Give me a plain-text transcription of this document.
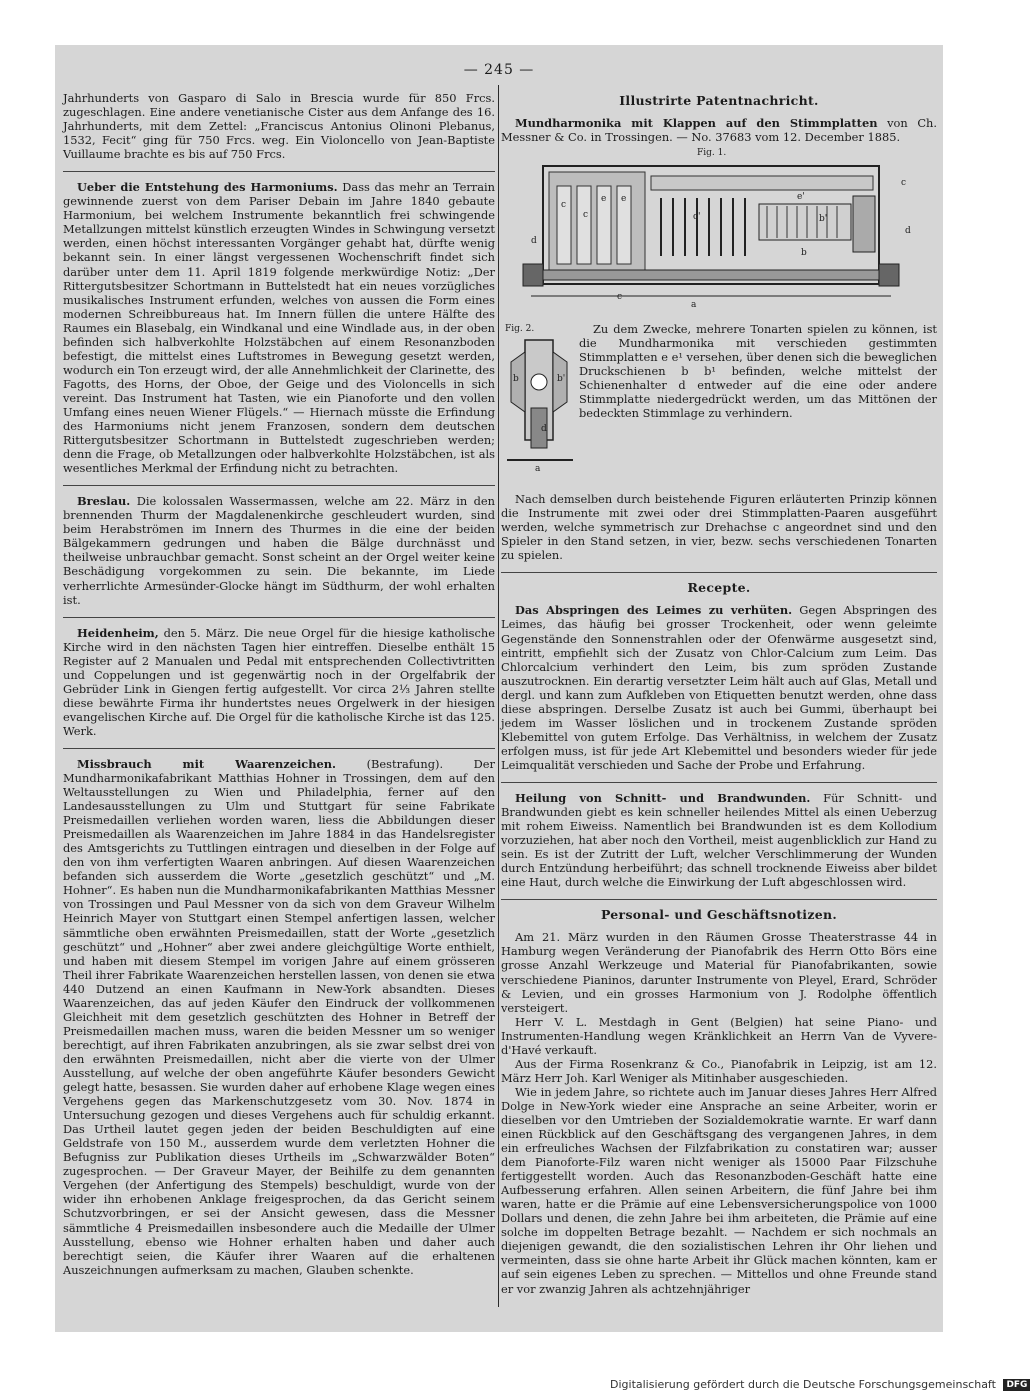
— 245 —

Jahrhunderts von Gasparo di Salo in Brescia wurde für 850 Frcs. zugeschlagen. Eine andere venetianische Cister aus dem Anfange des 16. Jahrhunderts, mit dem Zettel: „Franciscus Antonius Olinoni Plebanus, 1532, Fecit“ ging für 750 Frcs. weg. Ein Violoncello von Jean-Baptiste Vuillaume brachte es bis auf 750 Frcs.

Ueber die Entstehung des Harmoniums. Dass das mehr an Terrain gewinnende zuerst von dem Pariser Debain im Jahre 1840 gebaute Harmonium, bei welchem Instrumente bekanntlich frei schwingende Metallzungen mittelst künstlich erzeugten Windes in Schwingung versetzt werden, einen höchst interessanten Vorgänger gehabt hat, dürfte wenig bekannt sein. In einer längst vergessenen Wochenschrift findet sich darüber unter dem 11. April 1819 folgende merkwürdige Notiz: „Der Rittergutsbesitzer Schortmann in Buttelstedt hat ein neues vorzügliches musikalisches Instrument erfunden, welches von aussen die Form eines modernen Schreibbureaus hat. Im Innern füllen die untere Hälfte des Raumes ein Blasebalg, ein Windkanal und eine Windlade aus, in der oben befinden sich halbverkohlte Holzstäbchen auf einem Resonanzboden befestigt, die mittelst eines Luftstromes in Bewegung gesetzt werden, wodurch ein Ton erzeugt wird, der alle Annehmlichkeit der Clarinette, des Fagotts, des Horns, der Oboe, der Geige und des Violoncells in sich vereint. Das Instrument hat Tasten, wie ein Pianoforte und den vollen Umfang eines neuen Wiener Flügels.“ — Hiernach müsste die Erfindung des Harmoniums nicht jenem Franzosen, sondern dem deutschen Rittergutsbesitzer Schortmann in Buttelstedt zugeschrieben werden; denn die Frage, ob Metallzungen oder halbverkohlte Holzstäbchen, ist als wesentliches Merkmal der Erfindung nicht zu betrachten.

Breslau. Die kolossalen Wassermassen, welche am 22. März in den brennenden Thurm der Magdalenenkirche geschleudert wurden, sind beim Herabströmen im Innern des Thurmes in die eine der beiden Bälgekammern gedrungen und haben die Bälge durchnässt und theilweise unbrauchbar gemacht. Sonst scheint an der Orgel weiter keine Beschädigung vorgekommen zu sein. Die bekannte, im Liede verherrlichte Armesünder-Glocke hängt im Südthurm, der wohl erhalten ist.

Heidenheim, den 5. März. Die neue Orgel für die hiesige katholische Kirche wird in den nächsten Tagen hier eintreffen. Dieselbe enthält 15 Register auf 2 Manualen und Pedal mit entsprechenden Collectivtritten und Coppelungen und ist gegenwärtig noch in der Orgelfabrik der Gebrüder Link in Giengen fertig aufgestellt. Vor circa 2⅓ Jahren stellte diese bewährte Firma ihr hundertstes neues Orgelwerk in der hiesigen evangelischen Kirche auf. Die Orgel für die katholische Kirche ist das 125. Werk.

Missbrauch mit Waarenzeichen.	(Bestrafung). Der Mundharmonikafabrikant Matthias Hohner in Trossingen, dem auf den Weltausstellungen zu Wien und Philadelphia, ferner auf den Landesausstellungen zu Ulm und Stuttgart für seine Fabrikate Preismedaillen verliehen worden waren, liess die Abbildungen dieser Preismedaillen als Waarenzeichen im Jahre 1884 in das Handelsregister des Amtsgerichts zu Tuttlingen eintragen und dieselben in der Folge auf den von ihm verfertigten Waaren anbringen. Auf diesen Waarenzeichen befanden sich ausserdem die Worte „gesetzlich geschützt“ und „M. Hohner“. Es haben nun die Mundharmonikafabrikanten Matthias Messner von Trossingen und Paul Messner von da sich von dem Graveur Wilhelm Heinrich Mayer von Stuttgart einen Stempel anfertigen lassen, welcher sämmtliche oben erwähnten Preismedaillen, statt der Worte „gesetzlich geschützt“ und „Hohner“ aber zwei andere gleichgültige Worte enthielt, und haben mit diesem Stempel im vorigen Jahre auf einem grösseren Theil ihrer Fabrikate Waarenzeichen herstellen lassen, von denen sie etwa 440 Dutzend an einen Kaufmann in New-York absandten. Dieses Waarenzeichen, das auf jeden Käufer den Eindruck der vollkommenen Gleichheit mit dem gesetzlich geschützten des Hohner in Betreff der Preismedaillen machen muss, waren die beiden Messner um so weniger berechtigt, auf ihren Fabrikaten anzubringen, als sie zwar selbst drei von den erwähnten Preismedaillen, nicht aber die vierte von der Ulmer Ausstellung, auf welche der oben angeführte Käufer besonders Gewicht gelegt hatte, besassen. Sie wurden daher auf erhobene Klage wegen eines Vergehens gegen das Markenschutzgesetz vom 30. Nov. 1874 in Untersuchung gezogen und dieses Vergehens auch für schuldig erkannt. Das Urtheil lautet gegen jeden der beiden Beschuldigten auf eine Geldstrafe von 150 M., ausserdem wurde dem verletzten Hohner die Befugniss zur Publikation dieses Urtheils im „Schwarzwälder Boten“ zugesprochen. — Der Graveur Mayer, der Beihilfe zu dem genannten Vergehen (der Anfertigung des Stempels) beschuldigt, wurde von der wider ihn erhobenen Anklage freigesprochen, da das Gericht seinem Schutzvorbringen, er sei der Ansicht gewesen, dass die Messner sämmtliche 4 Preismedaillen insbesondere auch die Medaille der Ulmer Ausstellung, ebenso wie Hohner erhalten haben und daher auch berechtigt seien, die Käufer ihrer Waaren auf die erhaltenen Auszeichnungen aufmerksam zu machen, Glauben schenkte.

Illustrirte Patentnachricht.

Mundharmonika mit Klappen auf den Stimmplatten von Ch. Messner & Co. in Trossingen. — No. 37683 vom 12. December 1885.

Fig. 1.
d
c
c
e e
c'
e'
b
b'
d
c
a
c
Fig. 2.
b	b'
d
a

Zu dem Zwecke, mehrere Tonarten spielen zu können, ist die Mundharmonika mit verschieden gestimmten Stimmplatten e e¹ versehen, über denen sich die beweglichen Druckschienen b b¹ befinden, welche mittelst der Schienenhalter d entweder auf die eine oder andere Stimmplatte niedergedrückt werden, um das Mittönen der bedeckten Stimmlage zu verhindern.

Nach demselben durch beistehende Figuren erläuterten Prinzip können die Instrumente mit zwei oder drei Stimmplatten-Paaren ausgeführt werden, welche symmetrisch zur Drehachse c angeordnet sind und den Spieler in den Stand setzen, in vier, bezw. sechs verschiedenen Tonarten zu spielen.

Recepte.

Das Abspringen des Leimes zu verhüten. Gegen Abspringen des Leimes, das häufig bei grosser Trockenheit, oder wenn geleimte Gegenstände den Sonnenstrahlen oder der Ofenwärme ausgesetzt sind, eintritt, empfiehlt sich der Zusatz von Chlor-Calcium zum Leim. Das Chlorcalcium verhindert den Leim, bis zum spröden Zustande auszutrocknen. Ein derartig versetzter Leim hält auch auf Glas, Metall und dergl. und kann zum Aufkleben von Etiquetten benutzt werden, ohne dass diese abspringen. Derselbe Zusatz ist auch bei Gummi, überhaupt bei jedem im Wasser löslichen und in trockenem Zustande spröden Klebemittel von gutem Erfolge. Das Verhältniss, in welchem der Zusatz erfolgen muss, ist für jede Art Klebemittel und besonders wieder für jede Leimqualität verschieden und Sache der Probe und Erfahrung.

Heilung von Schnitt- und Brandwunden. Für Schnitt- und Brandwunden giebt es kein schneller heilendes Mittel als einen Ueberzug mit rohem Eiweiss. Namentlich bei Brandwunden ist es dem Kollodium vorzuziehen, hat aber noch den Vortheil, meist augenblicklich zur Hand zu sein. Es ist der Zutritt der Luft, welcher Verschlimmerung der Wunden durch Entzündung herbeiführt; das schnell trocknende Eiweiss aber bildet eine Haut, durch welche die Einwirkung der Luft abgeschlossen wird.

Personal- und Geschäftsnotizen.

Am 21. März wurden in den Räumen Grosse Theaterstrasse 44 in Hamburg wegen Veränderung der Pianofabrik des Herrn Otto Börs eine grosse Anzahl Werkzeuge und Material für Pianofabrikanten, sowie verschiedene Pianinos, darunter Instrumente von Pleyel, Erard, Schröder & Levien, und ein grosses Harmonium von J. Rodolphe öffentlich versteigert.

Herr V. L. Mestdagh in Gent (Belgien) hat seine Piano- und Instrumenten-Handlung wegen Kränklichkeit an Herrn Van de Vyvere-d'Havé verkauft.

Aus der Firma Rosenkranz & Co., Pianofabrik in Leipzig, ist am 12. März Herr Joh. Karl Weniger als Mitinhaber ausgeschieden.

Wie in jedem Jahre, so richtete auch im Januar dieses Jahres Herr Alfred Dolge in New-York wieder eine Ansprache an seine Arbeiter, worin er dieselben vor den Umtrieben der Sozialdemokratie warnte. Er warf dann einen Rückblick auf den Geschäftsgang des vergangenen Jahres, in dem ein erfreuliches Wachsen der Filzfabrikation zu constatiren war; ausser dem Pianoforte-Filz waren nicht weniger als 15000 Paar Filzschuhe fertiggestellt worden. Auch das Resonanzboden-Geschäft hatte eine Aufbesserung erfahren. Allen seinen Arbeitern, die fünf Jahre bei ihm waren, hatte er die Prämie auf eine Lebensversicherungspolice von 1000 Dollars und denen, die zehn Jahre bei ihm arbeiteten, die Prämie auf eine solche im doppelten Betrage bezahlt. — Nachdem er sich nochmals an diejenigen gewandt, die den sozialistischen Lehren ihr Ohr liehen und vermeinten, dass sie ohne harte Arbeit ihr Glück machen könnten, kam er auf sein eigenes Leben zu sprechen. — Mittellos und ohne Freunde stand er vor zwanzig Jahren als achtzehnjähriger

Digitalisierung gefördert durch die Deutsche Forschungsgemeinschaft DFG
